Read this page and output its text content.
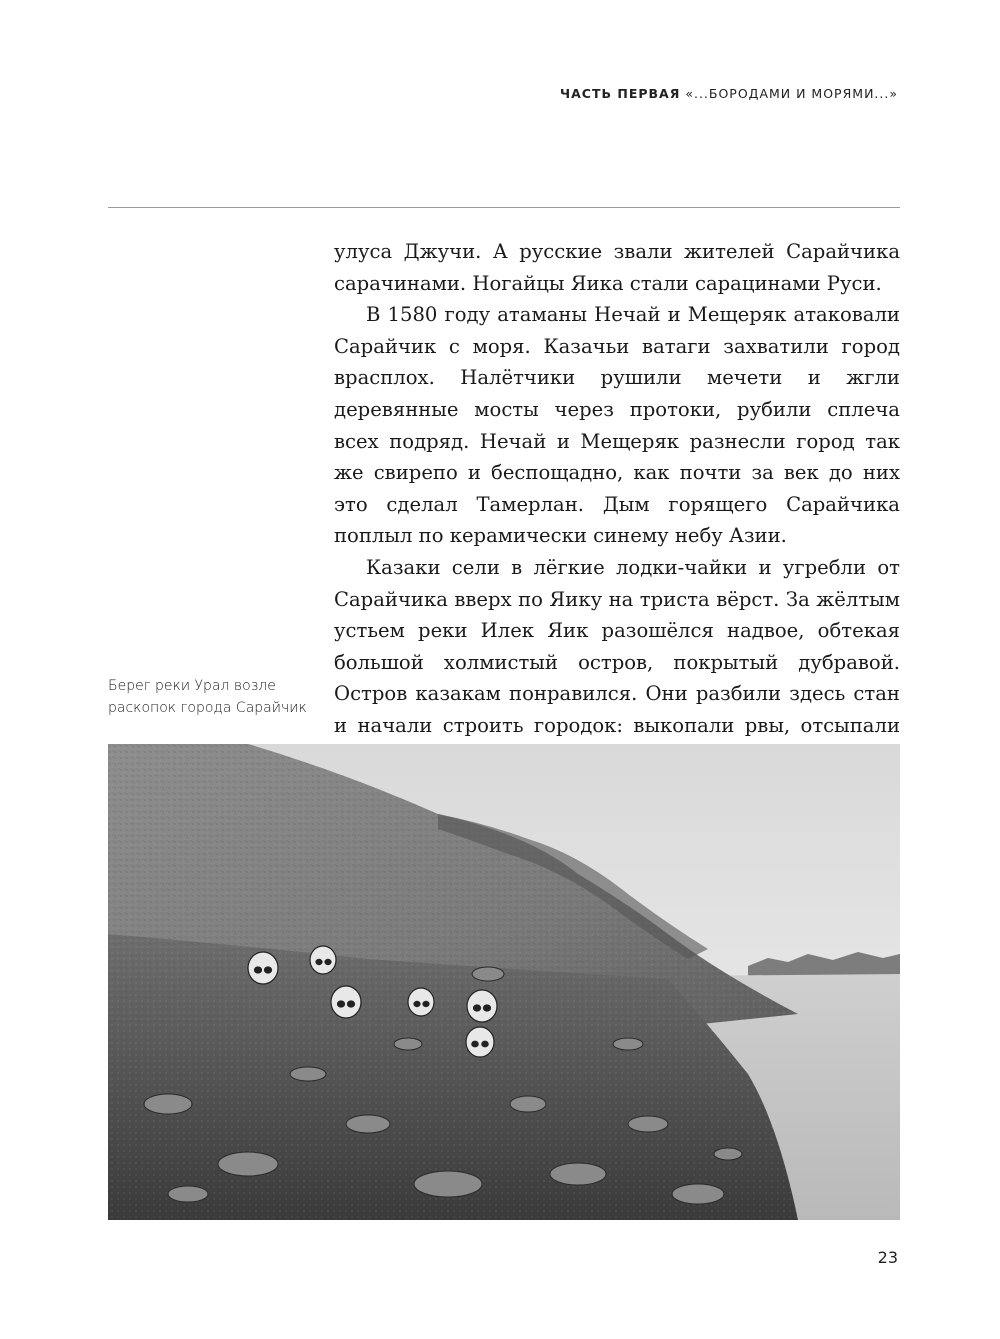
ЧАСТЬ ПЕРВАЯ «...БОРОДАМИ И МОРЯМИ...»

улуса Джучи. А русские звали жителей Сарайчика сарачинами. Ногайцы Яика стали сарацинами Руси.

В 1580 году атаманы Нечай и Мещеряк атаковали Сарайчик с моря. Казачьи ватаги захватили город врасплох. Налётчики рушили мечети и жгли деревянные мосты через протоки, рубили сплеча всех подряд. Нечай и Мещеряк разнесли город так же свирепо и беспощадно, как почти за век до них это сделал Тамерлан. Дым горящего Сарайчика поплыл по керамически синему небу Азии.

Казаки сели в лёгкие лодки-чайки и угребли от Сарайчика вверх по Яику на триста вёрст. За жёлтым устьем реки Илек Яик разошёлся надвое, обтекая большой холмистый остров, покрытый дубравой. Остров казакам понравился. Они разбили здесь стан и начали строить городок: выкопали рвы, отсыпали

Берег реки Урал возле
раскопок города Сарайчик
23
